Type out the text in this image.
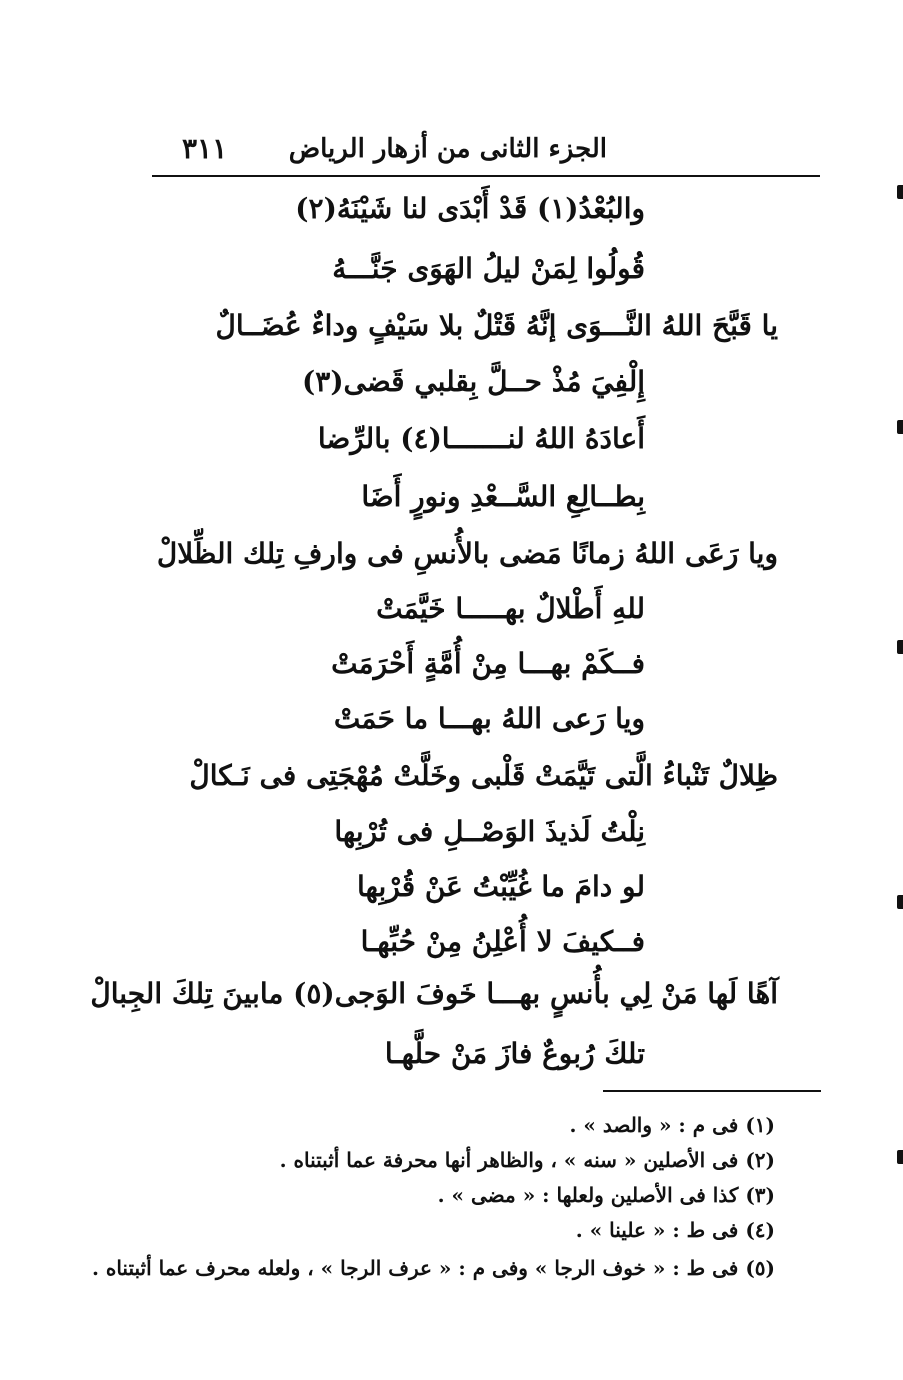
الجزء الثانى من أزهار الرياض
٣١١
والبُعْدُ(١) قَدْ أَبْدَى لنا شَيْنَهُ(٢)
قُولُوا لِمَنْ ليلُ الهَوَى جَنَّـــهُ
يا قَبَّحَ اللهُ النَّـــوَى إنَّهُ قَتْلٌ بلا سَيْفٍ وداءٌ عُضَــالٌ
إِلْفِيَ مُذْ حــلَّ بِقلبي قَضى(٣)
أَعادَهُ اللهُ لنـــــــا(٤) بالرِّضا
بِطــالِعِ السَّــعْدِ ونورٍ أَضَا
ويا رَعَى اللهُ زمانًا مَضى بالأُنسِ فى وارفِ تِلك الظِّلالْ
للهِ أَطْلالٌ بهـــــا خَيَّمَتْ
فــكَمْ بهـــا مِنْ أُمَّةٍ أَحْرَمَتْ
ويا رَعى اللهُ بهـــا ما حَمَتْ
ظِلالٌ تَنْباءُ الَّتى تَيَّمَتْ قَلْبى وخَلَّتْ مُهْجَتِى فى نَـكالْ
نِلْتُ لَذيذَ الوَصْــلِ فى تُرْبِها
لو دامَ ما غُيِّبْتُ عَنْ قُرْبِها
فــكيفَ لا أُعْلِنُ مِنْ حُبِّهـا
آهًا لَها مَنْ لِي بأُنسٍ بهـــا خَوفَ الوَجى(٥) مابينَ تِلكَ الجِبالْ
تلكَ رُبوعٌ فازَ مَنْ حلَّهـا
(١) فى م : « والصد » .
(٢) فى الأصلين « سنه » ، والظاهر أنها محرفة عما أثبتناه .
(٣) كذا فى الأصلين ولعلها : « مضى » .
(٤) فى ط : « علينا » .
(٥) فى ط : « خوف الرجا » وفى م : « عرف الرجا » ، ولعله محرف عما أثبتناه .
